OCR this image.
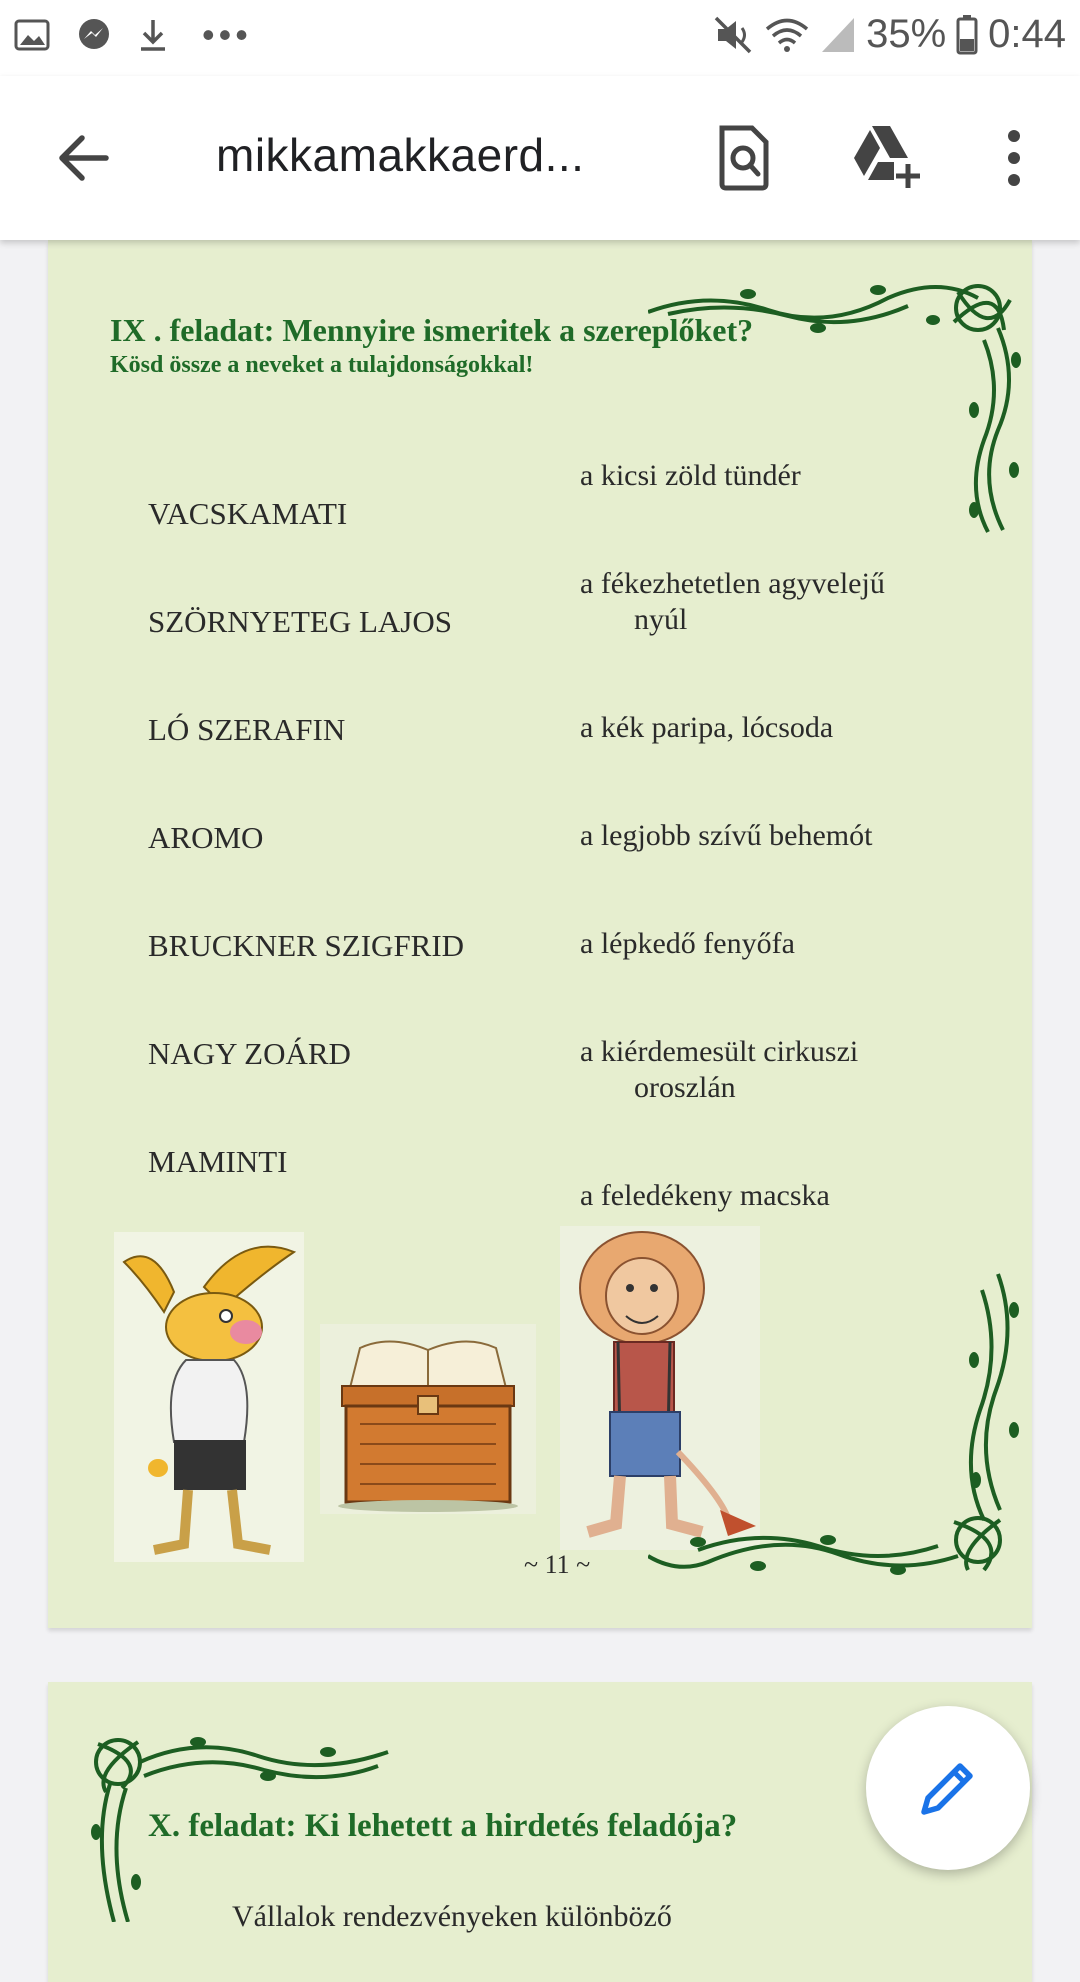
•••	35% 0:44
mikkamakkaerd...
IX . feladat: Mennyire ismeritek a szereplőket?
Kösd össze a neveket a tulajdonságokkal!
VACSKAMATI
SZÖRNYETEG LAJOS
LÓ SZERAFIN
AROMO
BRUCKNER SZIGFRID
NAGY ZOÁRD
MAMINTI
a kicsi zöld tündér
a fékezhetetlen agyvelejű
nyúl
a kék paripa, lócsoda
a legjobb szívű behemót
a lépkedő fenyőfa
a kiérdemesült cirkuszi
oroszlán
a feledékeny macska
~ 11 ~
X. feladat: Ki lehetett a hirdetés feladója?
Vállalok rendezvényeken különböző
